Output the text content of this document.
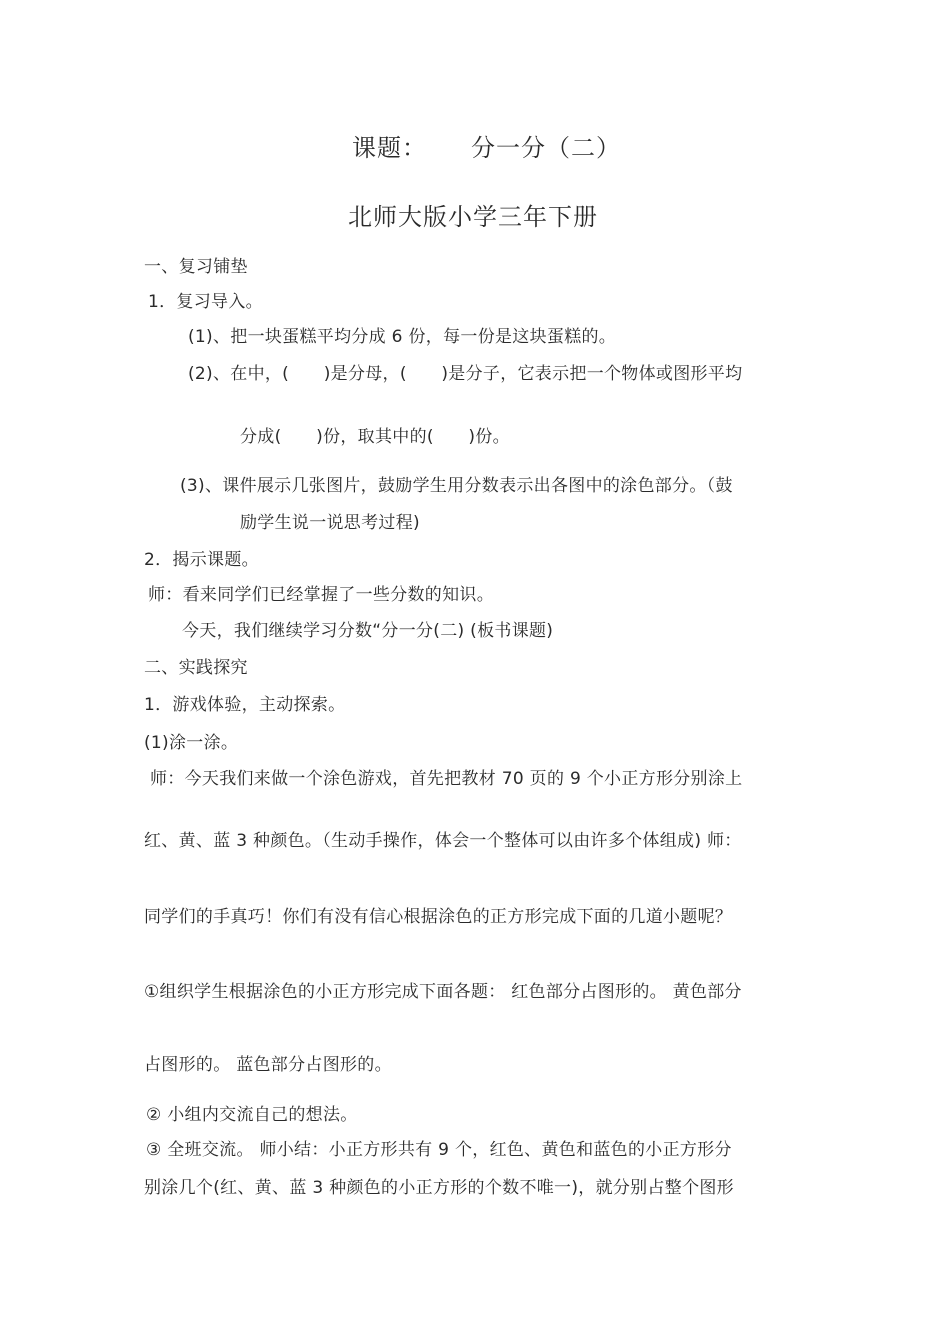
课题： 分一分（二）
北师大版小学三年下册
一、复习铺垫
1．复习导入。
(1)、把一块蛋糕平均分成 6 份，每一份是这块蛋糕的。
(2)、在中，(　　)是分母，(　　)是分子，它表示把一个物体或图形平均
分成(　　)份，取其中的(　　)份。
(3)、课件展示几张图片，鼓励学生用分数表示出各图中的涂色部分。（鼓
励学生说一说思考过程)
2．揭示课题。
师：看来同学们已经掌握了一些分数的知识。
今天，我们继续学习分数“分一分(二) (板书课题)
二、实践探究
1．游戏体验，主动探索。
(1)涂一涂。
师：今天我们来做一个涂色游戏，首先把教材 70 页的 9 个小正方形分别涂上
红、黄、蓝 3 种颜色。（生动手操作，体会一个整体可以由许多个体组成) 师：
同学们的手真巧！你们有没有信心根据涂色的正方形完成下面的几道小题呢？
①组织学生根据涂色的小正方形完成下面各题： 红色部分占图形的。 黄色部分
占图形的。 蓝色部分占图形的。
② 小组内交流自己的想法。
③ 全班交流。 师小结：小正方形共有 9 个，红色、黄色和蓝色的小正方形分
别涂几个(红、黄、蓝 3 种颜色的小正方形的个数不唯一)，就分别占整个图形
